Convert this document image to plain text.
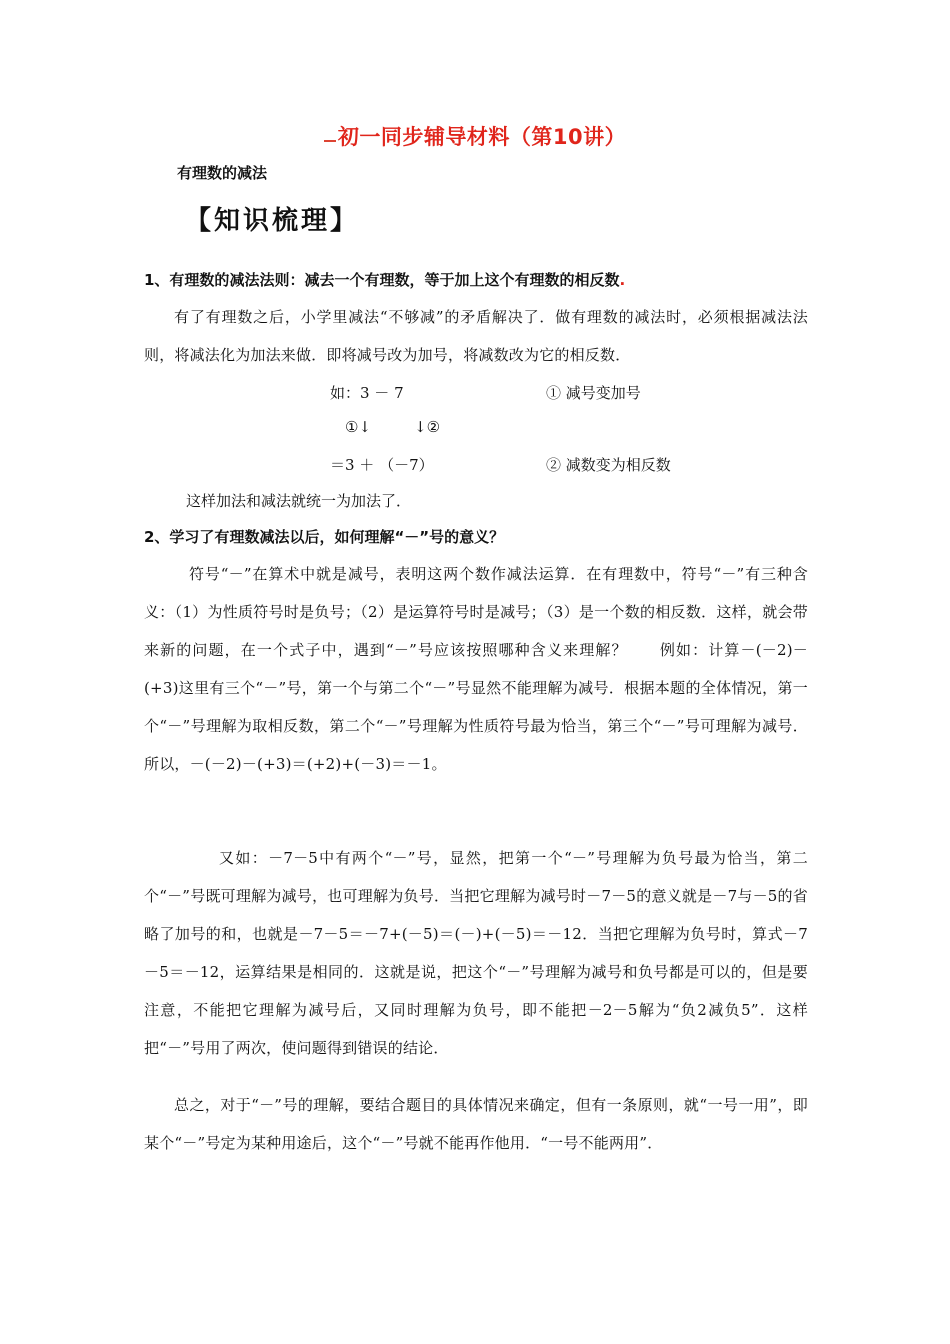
初一同步辅导材料（第10讲）
有理数的减法
【知识梳理】
1、有理数的减法法则：减去一个有理数，等于加上这个有理数的相反数.
有了有理数之后，小学里减法“不够减”的矛盾解决了．做有理数的减法时，必须根据减法法则，将减法化为加法来做．即将减号改为加号，将减数改为它的相反数．
如：3 － 7	① 减号变加号
①↓	↓②
＝3 ＋ （－7）	② 减数变为相反数
这样加法和减法就统一为加法了．
2、学习了有理数减法以后，如何理解“－”号的意义？
符号“－”在算术中就是减号，表明这两个数作减法运算．在有理数中，符号“－”有三种含义：（1）为性质符号时是负号；（2）是运算符号时是减号；（3）是一个数的相反数．这样，就会带来新的问题，在一个式子中，遇到“－”号应该按照哪种含义来理解？　　例如：计算－(－2)－(+3)这里有三个“－”号，第一个与第二个“－”号显然不能理解为减号．根据本题的全体情况，第一个“－”号理解为取相反数，第二个“－”号理解为性质符号最为恰当，第三个“－”号可理解为减号．所以，－(－2)－(+3)＝(+2)+(－3)＝－1。
又如：－7－5中有两个“－”号，显然，把第一个“－”号理解为负号最为恰当，第二个“－”号既可理解为减号，也可理解为负号．当把它理解为减号时－7－5的意义就是－7与－5的省略了加号的和，也就是－7－5＝－7+(－5)＝(－)+(－5)＝－12．当把它理解为负号时，算式－7－5＝－12，运算结果是相同的．这就是说，把这个“－”号理解为减号和负号都是可以的，但是要注意，不能把它理解为减号后，又同时理解为负号，即不能把－2－5解为“负2减负5”．这样把“－”号用了两次，使问题得到错误的结论．
总之，对于“－”号的理解，要结合题目的具体情况来确定，但有一条原则，就“一号一用”，即某个“－”号定为某种用途后，这个“－”号就不能再作他用．“一号不能两用”．
